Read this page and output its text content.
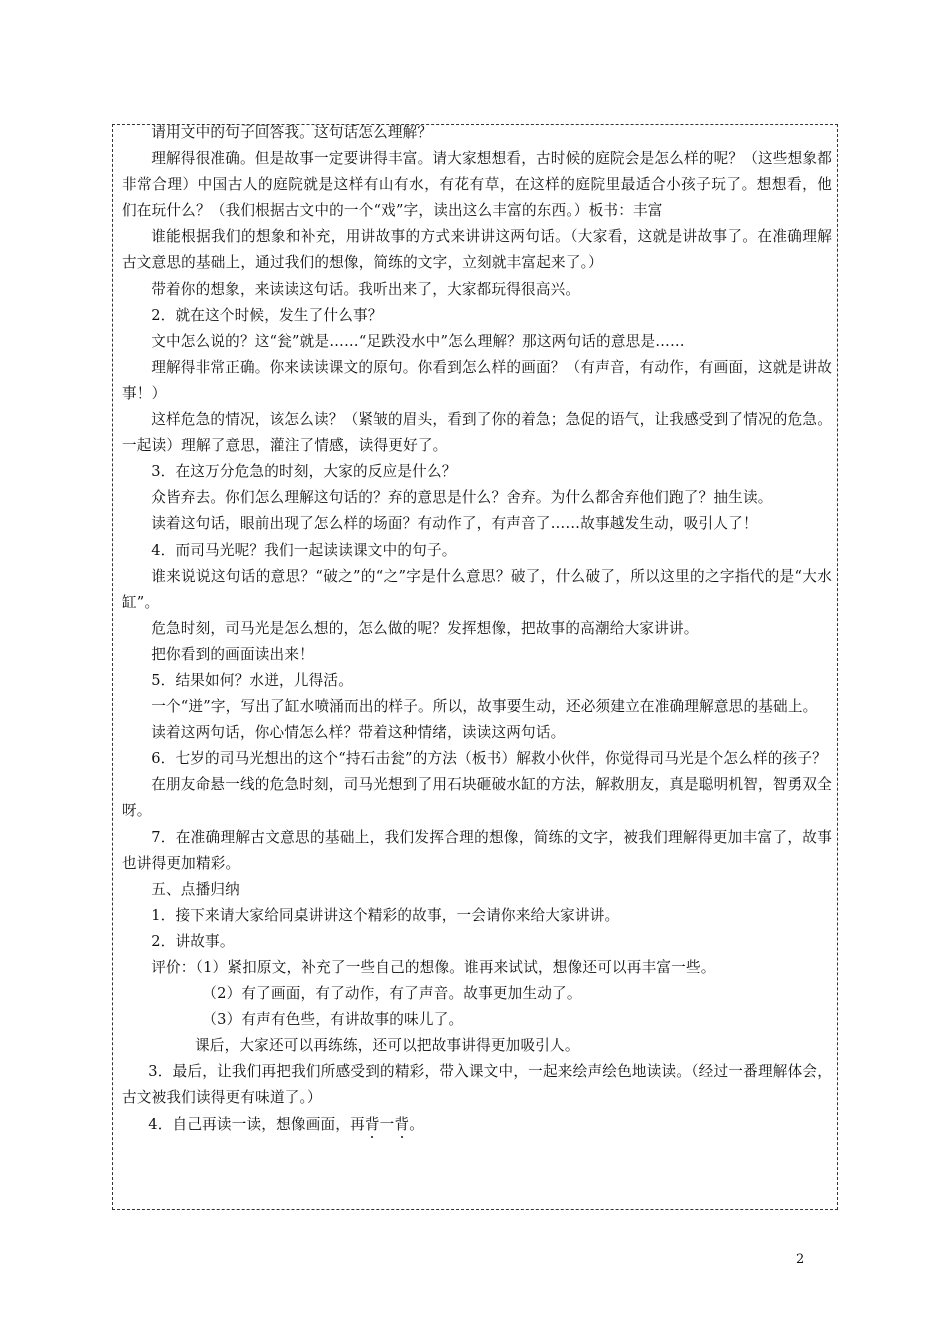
请用文中的句子回答我。这句话怎么理解？

理解得很准确。但是故事一定要讲得丰富。请大家想想看，古时候的庭院会是怎么样的呢？（这些想象都非常合理）中国古人的庭院就是这样有山有水，有花有草，在这样的庭院里最适合小孩子玩了。想想看，他们在玩什么？（我们根据古文中的一个“戏”字，读出这么丰富的东西。）板书：丰富

谁能根据我们的想象和补充，用讲故事的方式来讲讲这两句话。（大家看，这就是讲故事了。在准确理解古文意思的基础上，通过我们的想像，简练的文字，立刻就丰富起来了。）

带着你的想象，来读读这句话。我听出来了，大家都玩得很高兴。

2．就在这个时候，发生了什么事？

文中怎么说的？这“瓮”就是……“足跌没水中”怎么理解？那这两句话的意思是……

理解得非常正确。你来读读课文的原句。你看到怎么样的画面？（有声音，有动作，有画面，这就是讲故事！）

这样危急的情况，该怎么读？（紧皱的眉头，看到了你的着急；急促的语气，让我感受到了情况的危急。一起读）理解了意思，灌注了情感，读得更好了。

3．在这万分危急的时刻，大家的反应是什么？

众皆弃去。你们怎么理解这句话的？弃的意思是什么？舍弃。为什么都舍弃他们跑了？抽生读。

读着这句话，眼前出现了怎么样的场面？有动作了，有声音了……故事越发生动，吸引人了！

4．而司马光呢？我们一起读读课文中的句子。

谁来说说这句话的意思？“破之”的“之”字是什么意思？破了，什么破了，所以这里的之字指代的是“大水缸”。

危急时刻，司马光是怎么想的，怎么做的呢？发挥想像，把故事的高潮给大家讲讲。

把你看到的画面读出来！

5．结果如何？水迸，儿得活。

一个“迸”字，写出了缸水喷涌而出的样子。所以，故事要生动，还必须建立在准确理解意思的基础上。

读着这两句话，你心情怎么样？带着这种情绪，读读这两句话。

6．七岁的司马光想出的这个“持石击瓮”的方法（板书）解救小伙伴，你觉得司马光是个怎么样的孩子？

在朋友命悬一线的危急时刻，司马光想到了用石块砸破水缸的方法，解救朋友，真是聪明机智，智勇双全呀。

7．在准确理解古文意思的基础上，我们发挥合理的想像，简练的文字，被我们理解得更加丰富了，故事也讲得更加精彩。

五、点播归纳

1．接下来请大家给同桌讲讲这个精彩的故事，一会请你来给大家讲讲。

2．讲故事。

评价：（1）紧扣原文，补充了一些自己的想像。谁再来试试，想像还可以再丰富一些。

（2）有了画面，有了动作，有了声音。故事更加生动了。

（3）有声有色些，有讲故事的味儿了。

课后，大家还可以再练练，还可以把故事讲得更加吸引人。

3．最后，让我们再把我们所感受到的精彩，带入课文中，一起来绘声绘色地读读。（经过一番理解体会，古文被我们读得更有味道了。）

4．自己再读一读，想像画面，再背一背。

2
